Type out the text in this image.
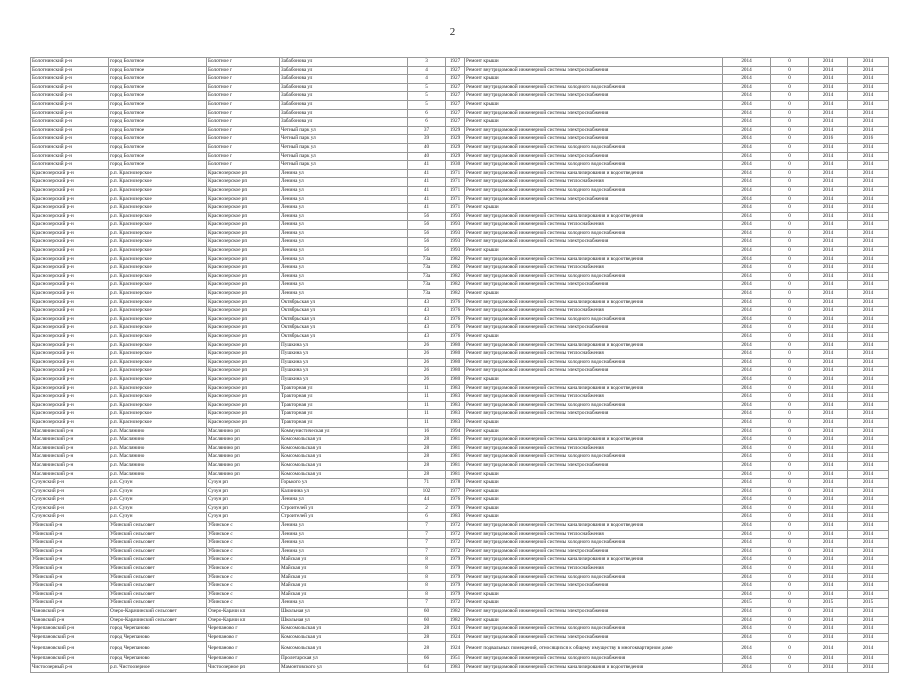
2
Болотнинский р-н	город Болотное	Болотное г	Забабонова ул	3	1927	Ремонт крыши	2014	0	2014	2014
Болотнинский р-н	город Болотное	Болотное г	Забабонова ул	4	1927	Ремонт внутридомовой инженерной системы электроснабжения	2014	0	2014	2014
Болотнинский р-н	город Болотное	Болотное г	Забабонова ул	4	1927	Ремонт крыши	2014	0	2014	2014
Болотнинский р-н	город Болотное	Болотное г	Забабонова ул	5	1927	Ремонт внутридомовой инженерной системы холодного водоснабжения	2014	0	2014	2014
Болотнинский р-н	город Болотное	Болотное г	Забабонова ул	5	1927	Ремонт внутридомовой инженерной системы электроснабжения	2014	0	2014	2014
Болотнинский р-н	город Болотное	Болотное г	Забабонова ул	5	1927	Ремонт крыши	2014	0	2014	2014
Болотнинский р-н	город Болотное	Болотное г	Забабонова ул	6	1927	Ремонт внутридомовой инженерной системы электроснабжения	2014	0	2014	2014
Болотнинский р-н	город Болотное	Болотное г	Забабонова ул	6	1927	Ремонт крыши	2014	0	2014	2014
Болотнинский р-н	город Болотное	Болотное г	Четный парк ул	37	1929	Ремонт внутридомовой инженерной системы электроснабжения	2014	0	2014	2014
Болотнинский р-н	город Болотное	Болотное г	Четный парк ул	39	1929	Ремонт внутридомовой инженерной системы электроснабжения	2014	0	2016	2016
Болотнинский р-н	город Болотное	Болотное г	Четный парк ул	40	1929	Ремонт внутридомовой инженерной системы холодного водоснабжения	2014	0	2014	2014
Болотнинский р-н	город Болотное	Болотное г	Четный парк ул	40	1929	Ремонт внутридомовой инженерной системы электроснабжения	2014	0	2014	2014
Болотнинский р-н	город Болотное	Болотное г	Четный парк ул	41	1930	Ремонт внутридомовой инженерной системы холодного водоснабжения	2014	0	2014	2014
Краснозерский р-н	р.п. Краснозерское	Краснозерское рп	Ленина ул	41	1971	Ремонт внутридомовой инженерной системы канализирования и водоотведения	2014	0	2014	2014
Краснозерский р-н	р.п. Краснозерское	Краснозерское рп	Ленина ул	41	1971	Ремонт внутридомовой инженерной системы теплоснабжения	2014	0	2014	2014
Краснозерский р-н	р.п. Краснозерское	Краснозерское рп	Ленина ул	41	1971	Ремонт внутридомовой инженерной системы холодного водоснабжения	2014	0	2014	2014
Краснозерский р-н	р.п. Краснозерское	Краснозерское рп	Ленина ул	41	1971	Ремонт внутридомовой инженерной системы электроснабжения	2014	0	2014	2014
Краснозерский р-н	р.п. Краснозерское	Краснозерское рп	Ленина ул	41	1971	Ремонт крыши	2014	0	2014	2014
Краснозерский р-н	р.п. Краснозерское	Краснозерское рп	Ленина ул	56	1993	Ремонт внутридомовой инженерной системы канализирования и водоотведения	2014	0	2014	2014
Краснозерский р-н	р.п. Краснозерское	Краснозерское рп	Ленина ул	56	1993	Ремонт внутридомовой инженерной системы теплоснабжения	2014	0	2014	2014
Краснозерский р-н	р.п. Краснозерское	Краснозерское рп	Ленина ул	56	1993	Ремонт внутридомовой инженерной системы холодного водоснабжения	2014	0	2014	2014
Краснозерский р-н	р.п. Краснозерское	Краснозерское рп	Ленина ул	56	1993	Ремонт внутридомовой инженерной системы электроснабжения	2014	0	2014	2014
Краснозерский р-н	р.п. Краснозерское	Краснозерское рп	Ленина ул	56	1993	Ремонт крыши	2014	0	2014	2014
Краснозерский р-н	р.п. Краснозерское	Краснозерское рп	Ленина ул	73а	1982	Ремонт внутридомовой инженерной системы канализирования и водоотведения	2014	0	2014	2014
Краснозерский р-н	р.п. Краснозерское	Краснозерское рп	Ленина ул	73а	1982	Ремонт внутридомовой инженерной системы теплоснабжения	2014	0	2014	2014
Краснозерский р-н	р.п. Краснозерское	Краснозерское рп	Ленина ул	73а	1982	Ремонт внутридомовой инженерной системы холодного водоснабжения	2014	0	2014	2014
Краснозерский р-н	р.п. Краснозерское	Краснозерское рп	Ленина ул	73а	1982	Ремонт внутридомовой инженерной системы электроснабжения	2014	0	2014	2014
Краснозерский р-н	р.п. Краснозерское	Краснозерское рп	Ленина ул	73а	1982	Ремонт крыши	2014	0	2014	2014
Краснозерский р-н	р.п. Краснозерское	Краснозерское рп	Октябрьская ул	43	1976	Ремонт внутридомовой инженерной системы канализирования и водоотведения	2014	0	2014	2014
Краснозерский р-н	р.п. Краснозерское	Краснозерское рп	Октябрьская ул	43	1976	Ремонт внутридомовой инженерной системы теплоснабжения	2014	0	2014	2014
Краснозерский р-н	р.п. Краснозерское	Краснозерское рп	Октябрьская ул	43	1976	Ремонт внутридомовой инженерной системы холодного водоснабжения	2014	0	2014	2014
Краснозерский р-н	р.п. Краснозерское	Краснозерское рп	Октябрьская ул	43	1976	Ремонт внутридомовой инженерной системы электроснабжения	2014	0	2014	2014
Краснозерский р-н	р.п. Краснозерское	Краснозерское рп	Октябрьская ул	43	1976	Ремонт крыши	2014	0	2014	2014
Краснозерский р-н	р.п. Краснозерское	Краснозерское рп	Пушкина ул	26	1980	Ремонт внутридомовой инженерной системы канализирования и водоотведения	2014	0	2014	2014
Краснозерский р-н	р.п. Краснозерское	Краснозерское рп	Пушкина ул	26	1980	Ремонт внутридомовой инженерной системы теплоснабжения	2014	0	2014	2014
Краснозерский р-н	р.п. Краснозерское	Краснозерское рп	Пушкина ул	26	1980	Ремонт внутридомовой инженерной системы холодного водоснабжения	2014	0	2014	2014
Краснозерский р-н	р.п. Краснозерское	Краснозерское рп	Пушкина ул	26	1980	Ремонт внутридомовой инженерной системы электроснабжения	2014	0	2014	2014
Краснозерский р-н	р.п. Краснозерское	Краснозерское рп	Пушкина ул	26	1980	Ремонт крыши	2014	0	2014	2014
Краснозерский р-н	р.п. Краснозерское	Краснозерское рп	Тракторная ул	11	1983	Ремонт внутридомовой инженерной системы канализирования и водоотведения	2014	0	2014	2014
Краснозерский р-н	р.п. Краснозерское	Краснозерское рп	Тракторная ул	11	1983	Ремонт внутридомовой инженерной системы теплоснабжения	2014	0	2014	2014
Краснозерский р-н	р.п. Краснозерское	Краснозерское рп	Тракторная ул	11	1983	Ремонт внутридомовой инженерной системы холодного водоснабжения	2014	0	2014	2014
Краснозерский р-н	р.п. Краснозерское	Краснозерское рп	Тракторная ул	11	1983	Ремонт внутридомовой инженерной системы электроснабжения	2014	0	2014	2014
Краснозерский р-н	р.п. Краснозерское	Краснозерское рп	Тракторная ул	11	1983	Ремонт крыши	2014	0	2014	2014
Маслянинский р-н	р.п. Маслянино	Маслянино рп	Коммунистическая ул	16	1994	Ремонт крыши	2014	0	2014	2014
Маслянинский р-н	р.п. Маслянино	Маслянино рп	Комсомольская ул	28	1981	Ремонт внутридомовой инженерной системы канализирования и водоотведения	2014	0	2014	2014
Маслянинский р-н	р.п. Маслянино	Маслянино рп	Комсомольская ул	28	1981	Ремонт внутридомовой инженерной системы теплоснабжения	2014	0	2014	2014
Маслянинский р-н	р.п. Маслянино	Маслянино рп	Комсомольская ул	28	1981	Ремонт внутридомовой инженерной системы холодного водоснабжения	2014	0	2014	2014
Маслянинский р-н	р.п. Маслянино	Маслянино рп	Комсомольская ул	28	1981	Ремонт внутридомовой инженерной системы электроснабжения	2014	0	2014	2014
Маслянинский р-н	р.п. Маслянино	Маслянино рп	Комсомольская ул	28	1981	Ремонт крыши	2014	0	2014	2014
Сузунский р-н	р.п. Сузун	Сузун рп	Горького ул	71	1978	Ремонт крыши	2014	0	2014	2014
Сузунский р-н	р.п. Сузун	Сузун рп	Калинина ул	102	1977	Ремонт крыши	2014	0	2014	2014
Сузунский р-н	р.п. Сузун	Сузун рп	Ленина ул	44	1976	Ремонт крыши	2014	0	2014	2014
Сузунский р-н	р.п. Сузун	Сузун рп	Строителей ул	2	1979	Ремонт крыши	2014	0	2014	2014
Сузунский р-н	р.п. Сузун	Сузун рп	Строителей ул	6	1983	Ремонт крыши	2014	0	2014	2014
Убинский р-н	Убинский сельсовет	Убинское с	Ленина ул	7	1972	Ремонт внутридомовой инженерной системы канализирования и водоотведения	2014	0	2014	2014
Убинский р-н	Убинский сельсовет	Убинское с	Ленина ул	7	1972	Ремонт внутридомовой инженерной системы теплоснабжения	2014	0	2014	2014
Убинский р-н	Убинский сельсовет	Убинское с	Ленина ул	7	1972	Ремонт внутридомовой инженерной системы холодного водоснабжения	2014	0	2014	2014
Убинский р-н	Убинский сельсовет	Убинское с	Ленина ул	7	1972	Ремонт внутридомовой инженерной системы электроснабжения	2014	0	2014	2014
Убинский р-н	Убинский сельсовет	Убинское с	Майская ул	8	1979	Ремонт внутридомовой инженерной системы канализирования и водоотведения	2014	0	2014	2014
Убинский р-н	Убинский сельсовет	Убинское с	Майская ул	8	1979	Ремонт внутридомовой инженерной системы теплоснабжения	2014	0	2014	2014
Убинский р-н	Убинский сельсовет	Убинское с	Майская ул	8	1979	Ремонт внутридомовой инженерной системы холодного водоснабжения	2014	0	2014	2014
Убинский р-н	Убинский сельсовет	Убинское с	Майская ул	8	1979	Ремонт внутридомовой инженерной системы электроснабжения	2014	0	2014	2014
Убинский р-н	Убинский сельсовет	Убинское с	Майская ул	8	1979	Ремонт крыши	2014	0	2014	2014
Убинский р-н	Убинский сельсовет	Убинское с	Ленина ул	7	1972	Ремонт крыши	2015	0	2015	2015
Чановский р-н	Озеро-Карачинский сельсовет	Озеро-Карачи кп	Школьная ул	60	1982	Ремонт внутридомовой инженерной системы электроснабжения	2014	0	2014	2014
Чановский р-н	Озеро-Карачинский сельсовет	Озеро-Карачи кп	Школьная ул	60	1982	Ремонт крыши	2014	0	2014	2014
Черепановский р-н	город Черепаново	Черепаново г	Комсомольская ул	28	1924	Ремонт внутридомовой инженерной системы холодного водоснабжения	2014	0	2014	2014
Черепановский р-н	город Черепаново	Черепаново г	Комсомольская ул	28	1924	Ремонт внутридомовой инженерной системы электроснабжения	2014	0	2014	2014
Черепановский р-н	город Черепаново	Черепаново г	Комсомольская ул	28	1924	Ремонт подвальных помещений, относящихся к общему имуществу в многоквартирном доме	2014	0	2014	2014
Черепановский р-н	город Черепаново	Черепаново г	Пролетарская ул	66	1951	Ремонт внутридомовой инженерной системы холодного водоснабжения	2014	0	2014	2014
Чистоозерный р-н	р.п. Чистоозерное	Чистоозерное рп	Мамонтовского ул	64	1983	Ремонт внутридомовой инженерной системы канализирования и водоотведения	2014	0	2014	2014
